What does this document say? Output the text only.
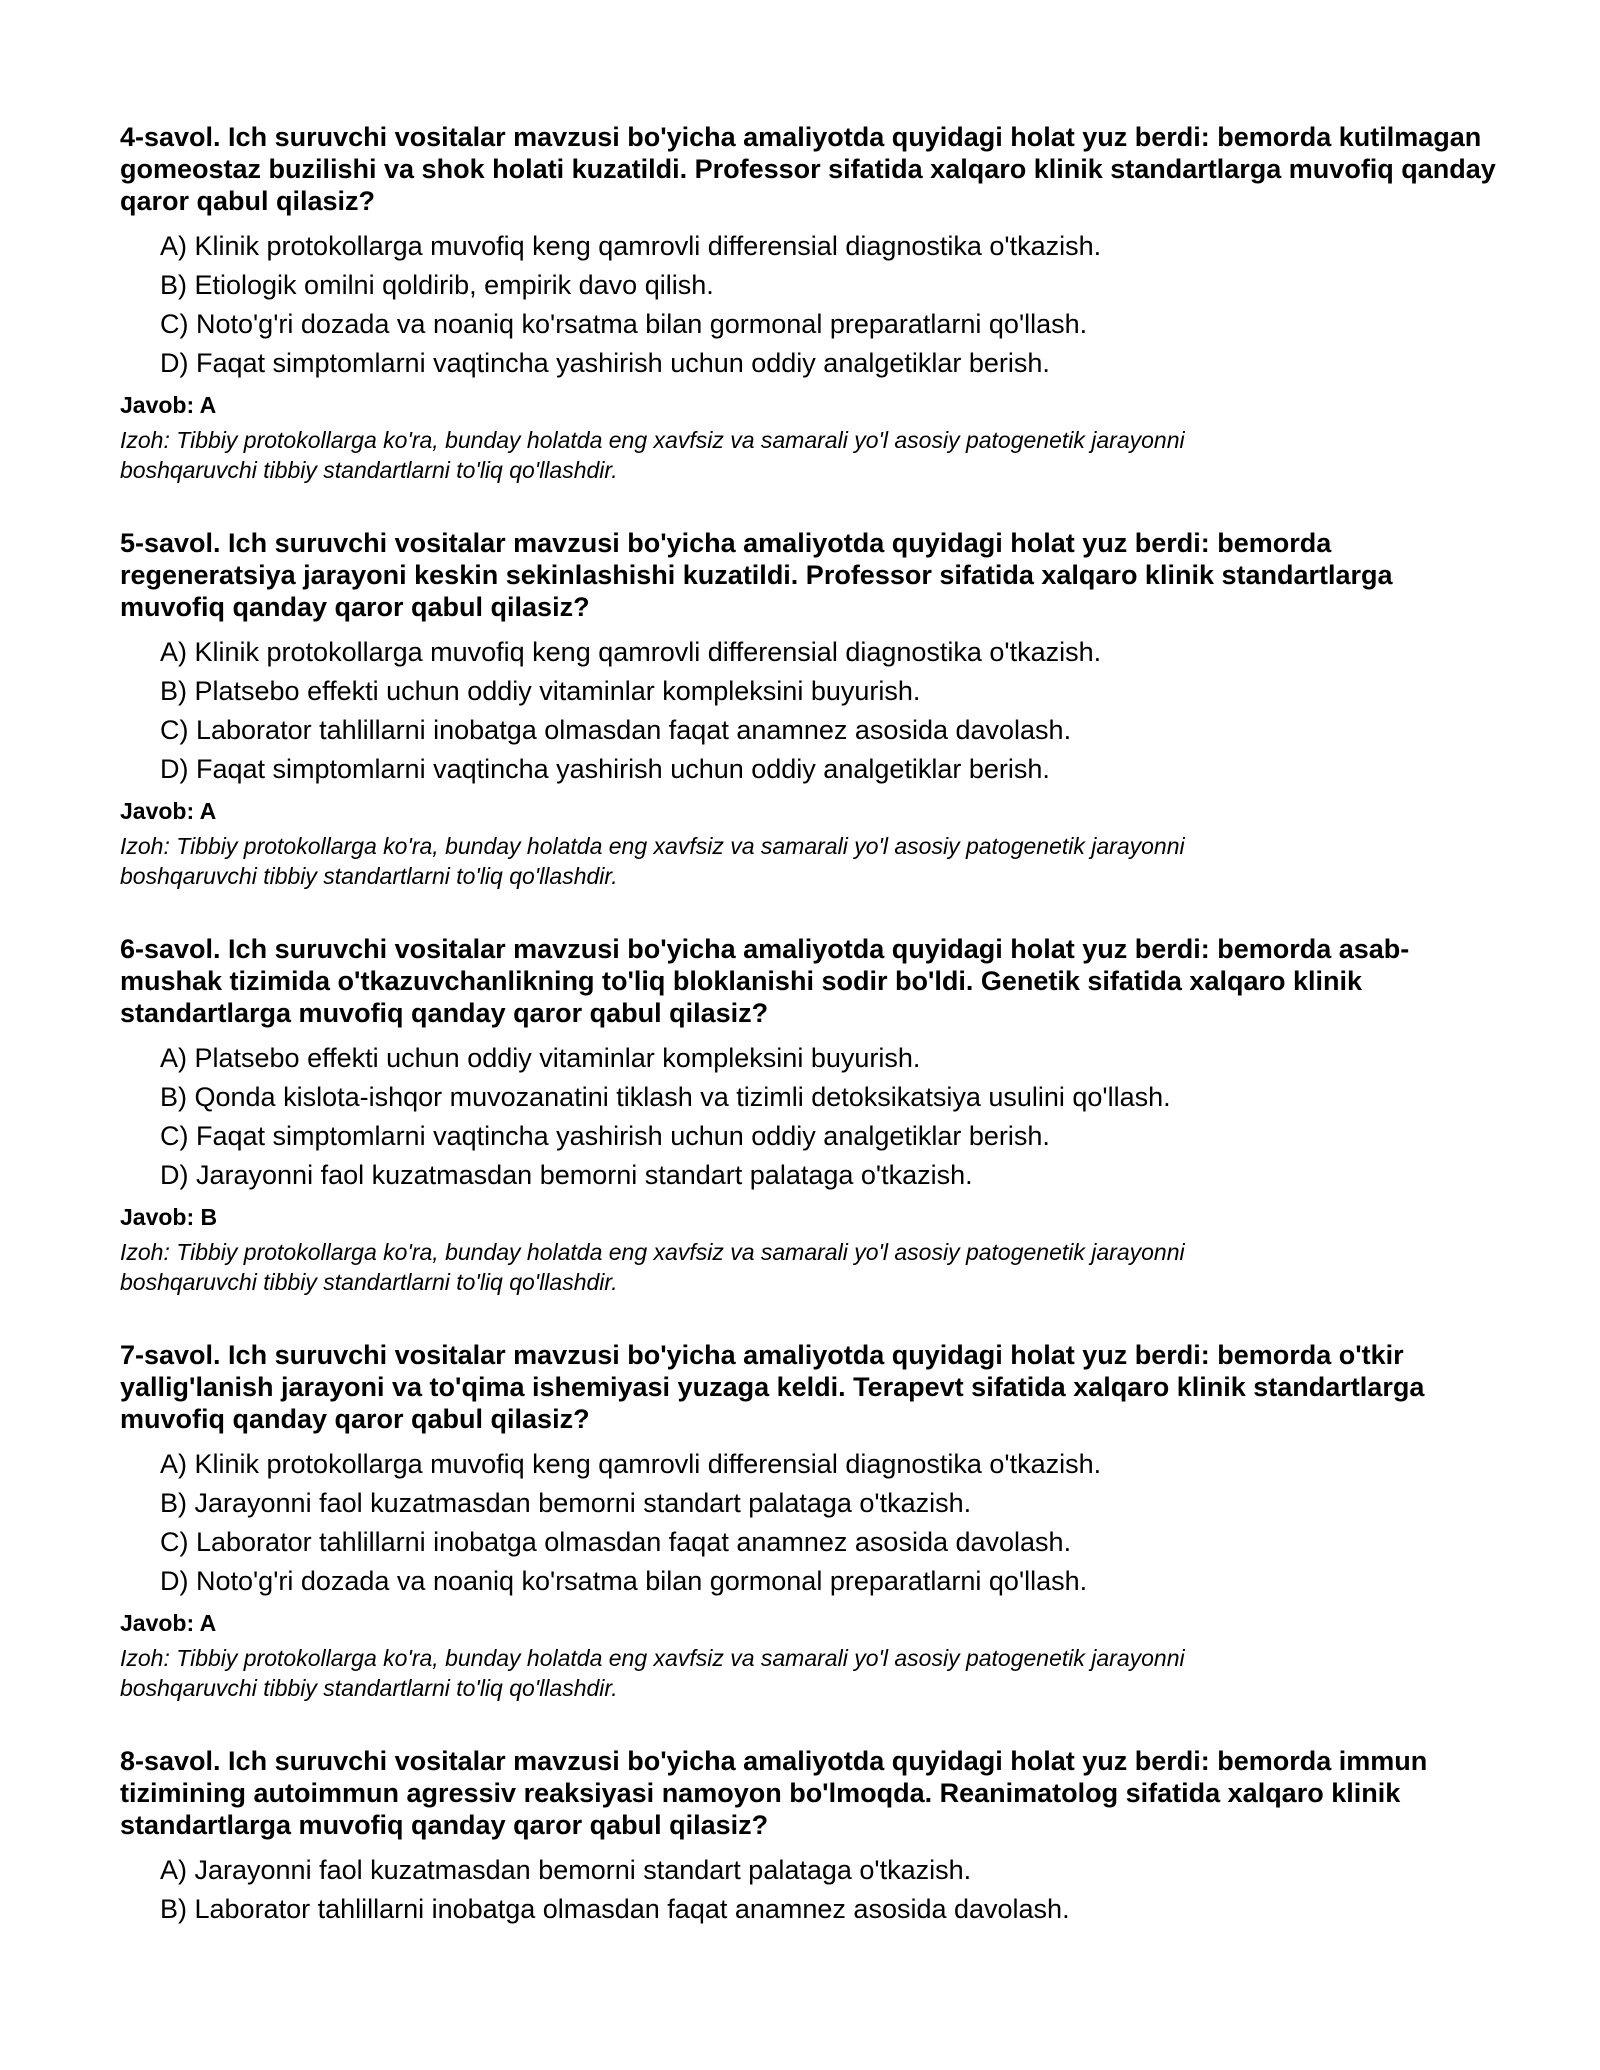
4-savol. Ich suruvchi vositalar mavzusi bo'yicha amaliyotda quyidagi holat yuz berdi: bemorda kutilmagan gomeostaz buzilishi va shok holati kuzatildi. Professor sifatida xalqaro klinik standartlarga muvofiq qanday qaror qabul qilasiz?
A) Klinik protokollarga muvofiq keng qamrovli differensial diagnostika o'tkazish.
B) Etiologik omilni qoldirib, empirik davo qilish.
C) Noto'g'ri dozada va noaniq ko'rsatma bilan gormonal preparatlarni qo'llash.
D) Faqat simptomlarni vaqtincha yashirish uchun oddiy analgetiklar berish.
Javob: A
Izoh: Tibbiy protokollarga ko'ra, bunday holatda eng xavfsiz va samarali yo'l asosiy patogenetik jarayonni
boshqaruvchi tibbiy standartlarni to'liq qo'llashdir.
5-savol. Ich suruvchi vositalar mavzusi bo'yicha amaliyotda quyidagi holat yuz berdi: bemorda regeneratsiya jarayoni keskin sekinlashishi kuzatildi. Professor sifatida xalqaro klinik standartlarga muvofiq qanday qaror qabul qilasiz?
A) Klinik protokollarga muvofiq keng qamrovli differensial diagnostika o'tkazish.
B) Platsebo effekti uchun oddiy vitaminlar kompleksini buyurish.
C) Laborator tahlillarni inobatga olmasdan faqat anamnez asosida davolash.
D) Faqat simptomlarni vaqtincha yashirish uchun oddiy analgetiklar berish.
Javob: A
Izoh: Tibbiy protokollarga ko'ra, bunday holatda eng xavfsiz va samarali yo'l asosiy patogenetik jarayonni
boshqaruvchi tibbiy standartlarni to'liq qo'llashdir.
6-savol. Ich suruvchi vositalar mavzusi bo'yicha amaliyotda quyidagi holat yuz berdi: bemorda asab-mushak tizimida o'tkazuvchanlikning to'liq bloklanishi sodir bo'ldi. Genetik sifatida xalqaro klinik standartlarga muvofiq qanday qaror qabul qilasiz?
A) Platsebo effekti uchun oddiy vitaminlar kompleksini buyurish.
B) Qonda kislota-ishqor muvozanatini tiklash va tizimli detoksikatsiya usulini qo'llash.
C) Faqat simptomlarni vaqtincha yashirish uchun oddiy analgetiklar berish.
D) Jarayonni faol kuzatmasdan bemorni standart palataga o'tkazish.
Javob: B
Izoh: Tibbiy protokollarga ko'ra, bunday holatda eng xavfsiz va samarali yo'l asosiy patogenetik jarayonni
boshqaruvchi tibbiy standartlarni to'liq qo'llashdir.
7-savol. Ich suruvchi vositalar mavzusi bo'yicha amaliyotda quyidagi holat yuz berdi: bemorda o'tkir yallig'lanish jarayoni va to'qima ishemiyasi yuzaga keldi. Terapevt sifatida xalqaro klinik standartlarga muvofiq qanday qaror qabul qilasiz?
A) Klinik protokollarga muvofiq keng qamrovli differensial diagnostika o'tkazish.
B) Jarayonni faol kuzatmasdan bemorni standart palataga o'tkazish.
C) Laborator tahlillarni inobatga olmasdan faqat anamnez asosida davolash.
D) Noto'g'ri dozada va noaniq ko'rsatma bilan gormonal preparatlarni qo'llash.
Javob: A
Izoh: Tibbiy protokollarga ko'ra, bunday holatda eng xavfsiz va samarali yo'l asosiy patogenetik jarayonni
boshqaruvchi tibbiy standartlarni to'liq qo'llashdir.
8-savol. Ich suruvchi vositalar mavzusi bo'yicha amaliyotda quyidagi holat yuz berdi: bemorda immun tizimining autoimmun agressiv reaksiyasi namoyon bo'lmoqda. Reanimatolog sifatida xalqaro klinik standartlarga muvofiq qanday qaror qabul qilasiz?
A) Jarayonni faol kuzatmasdan bemorni standart palataga o'tkazish.
B) Laborator tahlillarni inobatga olmasdan faqat anamnez asosida davolash.
